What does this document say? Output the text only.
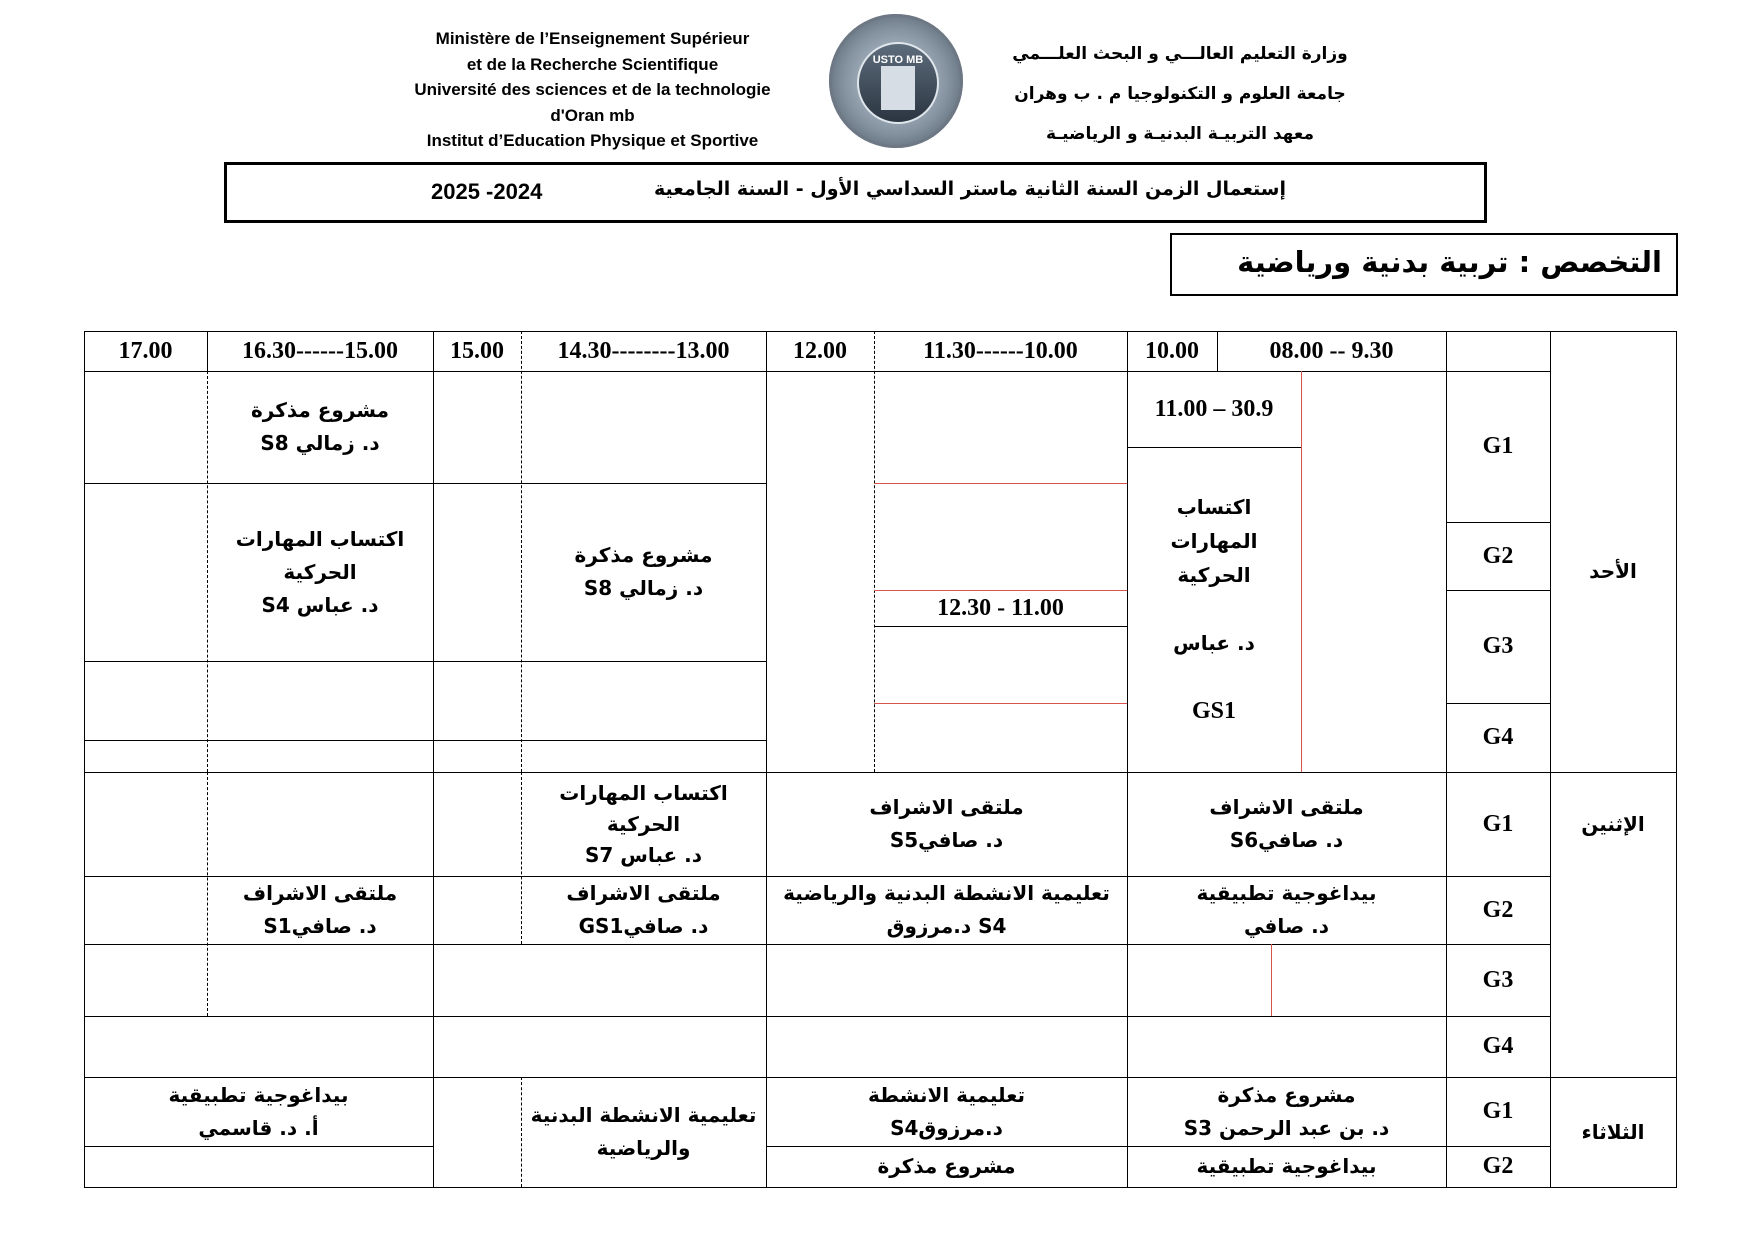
Ministère de l’Enseignement Supérieur
et de la Recherche Scientifique
Université des sciences et de la technologie
d'Oran mb
Institut d’Education Physique et Sportive
USTO MB	وزارة التعليم العالـــي و البحث العلـــمي
جامعة العلوم و التكنولوجيا م . ب وهران
معهد التربيـة البدنيـة و الرياضيـة
إستعمال الزمن السنة الثانية ماستر السداسي الأول - السنة الجامعية
2025 -2024
التخصص : تربية بدنية ورياضية
08.00 -- 9.30
10.00
11.30------10.00
12.00
14.30--------13.00
15.00
16.30------15.00
17.00
الأحد
الإثنين
الثلاثاء
G1
G2
G3
G4
G1
G2
G3
G4
G1
G2
11.00 – 30.9
اكتساب
المهارات
الحركية
د. عباس
GS1
12.30 - 11.00
مشروع مذكرة
د. زمالي S8
مشروع مذكرة
د. زمالي S8
اكتساب المهارات
الحركية
د. عباس S4
ملتقى الاشراف
د. صافيS6
ملتقى الاشراف
د. صافيS5
اكتساب المهارات
الحركية
د. عباس S7
بيداغوجية تطبيقية
د. صافي
تعليمية الانشطة البدنية والرياضية
S4 د.مرزوق
ملتقى الاشراف
د. صافيGS1
ملتقى الاشراف
د. صافيS1
مشروع مذكرة
د. بن عبد الرحمن S3
تعليمية الانشطة
د.مرزوقS4
تعليمية الانشطة البدنية
والرياضية
بيداغوجية تطبيقية
أ. د. قاسمي
بيداغوجية تطبيقية
مشروع مذكرة
